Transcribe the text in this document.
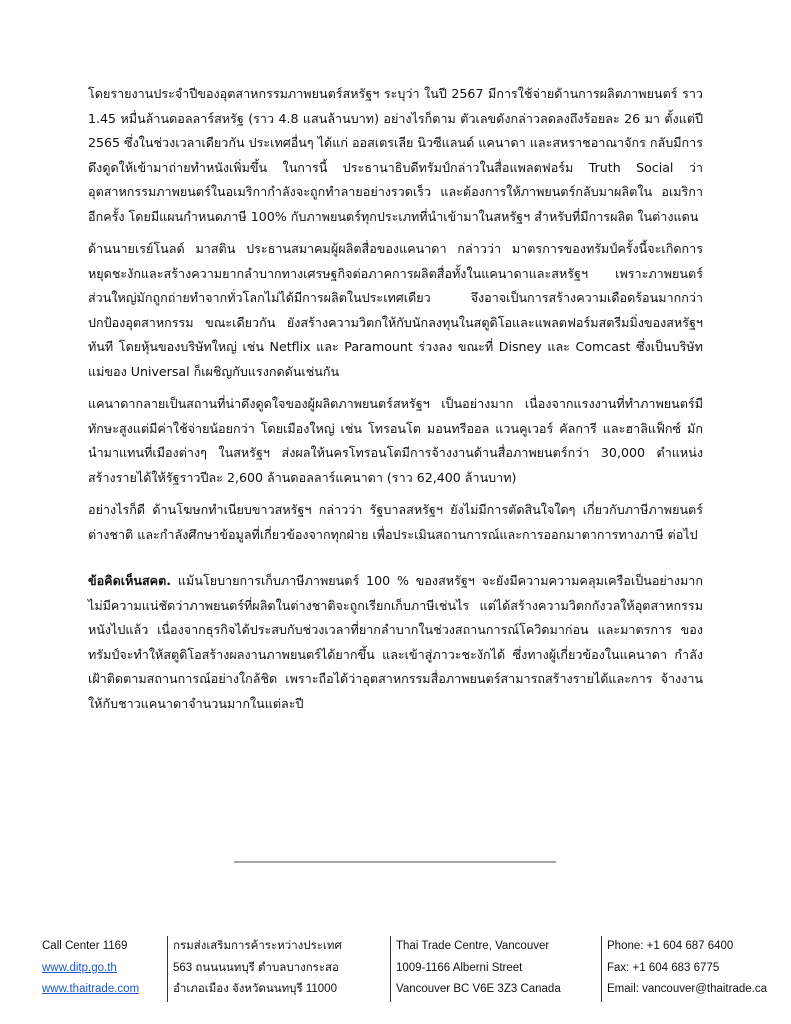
โดยรายงานประจำปีของอุตสาหกรรมภาพยนตร์สหรัฐฯ ระบุว่า ในปี 2567 มีการใช้จ่ายด้านการผลิตภาพยนตร์ ราว 1.45 หมื่นล้านดอลลาร์สหรัฐ (ราว 4.8 แสนล้านบาท) อย่างไรก็ตาม ตัวเลขดังกล่าวลดลงถึงร้อยละ 26 มา ตั้งแต่ปี 2565 ซึ่งในช่วงเวลาเดียวกัน ประเทศอื่นๆ ได้แก่ ออสเตรเลีย นิวซีแลนด์ แคนาดา และสหราชอาณาจักร กลับมีการดึงดูดให้เข้ามาถ่ายทำหนังเพิ่มขึ้น ในการนี้ ประธานาธิบดีทรัมป์กล่าวในสื่อแพลตฟอร์ม Truth Social ว่า อุตสาหกรรมภาพยนตร์ในอเมริกากำลังจะถูกทำลายอย่างรวดเร็ว และต้องการให้ภาพยนตร์กลับมาผลิตใน อเมริกาอีกครั้ง โดยมีแผนกำหนดภาษี 100% กับภาพยนตร์ทุกประเภทที่นำเข้ามาในสหรัฐฯ สำหรับที่มีการผลิต ในต่างแดน

ด้านนายเรย์โนลด์ มาสติน ประธานสมาคมผู้ผลิตสื่อของแคนาดา กล่าวว่า มาตรการของทรัมป์ครั้งนี้จะเกิดการ หยุดชะงักและสร้างความยากลำบากทางเศรษฐกิจต่อภาคการผลิตสื่อทั้งในแคนาดาและสหรัฐฯ เพราะภาพยนตร์ ส่วนใหญ่มักถูกถ่ายทำจากทั่วโลกไม่ได้มีการผลิตในประเทศเดียว จึงอาจเป็นการสร้างความเดือดร้อนมากกว่า ปกป้องอุตสาหกรรม ขณะเดียวกัน ยังสร้างความวิตกให้กับนักลงทุนในสตูดิโอและแพลตฟอร์มสตรีมมิ่งของสหรัฐฯ ทันที โดยหุ้นของบริษัทใหญ่ เช่น Netflix และ Paramount ร่วงลง ขณะที่ Disney และ Comcast ซึ่งเป็นบริษัท แม่ของ Universal ก็เผชิญกับแรงกดดันเช่นกัน

แคนาดากลายเป็นสถานที่น่าดึงดูดใจของผู้ผลิตภาพยนตร์สหรัฐฯ เป็นอย่างมาก เนื่องจากแรงงานที่ทำภาพยนตร์มี ทักษะสูงแต่มีค่าใช้จ่ายน้อยกว่า โดยเมืองใหญ่ เช่น โทรอนโต มอนทรีออล แวนคูเวอร์ คัลการี และฮาลิแฟ็กซ์ มัก นำมาแทนที่เมืองต่างๆ ในสหรัฐฯ ส่งผลให้นครโทรอนโตมีการจ้างงานด้านสื่อภาพยนตร์กว่า 30,000 ตำแหน่ง สร้างรายได้ให้รัฐราวปีละ 2,600 ล้านดอลลาร์แคนาดา (ราว 62,400 ล้านบาท)

อย่างไรก็ดี ด้านโฆษกทำเนียบขาวสหรัฐฯ กล่าวว่า รัฐบาลสหรัฐฯ ยังไม่มีการตัดสินใจใดๆ เกี่ยวกับภาษีภาพยนตร์ ต่างชาติ และกำลังศึกษาข้อมูลที่เกี่ยวข้องจากทุกฝ่าย เพื่อประเมินสถานการณ์และการออกมาตาการทางภาษี ต่อไป

ข้อคิดเห็นสคต. แม้นโยบายการเก็บภาษีภาพยนตร์ 100 % ของสหรัฐฯ จะยังมีความความคลุมเครือเป็นอย่างมาก ไม่มีความแน่ชัดว่าภาพยนตร์ที่ผลิตในต่างชาติจะถูกเรียกเก็บภาษีเช่นไร แต่ได้สร้างความวิตกกังวลให้อุตสาหกรรม หนังไปแล้ว เนื่องจากธุรกิจได้ประสบกับช่วงเวลาที่ยากลำบากในช่วงสถานการณ์โควิดมาก่อน และมาตรการ ของทรัมป์จะทำให้สตูดิโอสร้างผลงานภาพยนตร์ได้ยากขึ้น และเข้าสู่ภาวะชะงักได้ ซึ่งทางผู้เกี่ยวข้องในแคนาดา กำลังเฝ้าติดตามสถานการณ์อย่างใกล้ชิด เพราะถือได้ว่าอุตสาหกรรมสื่อภาพยนตร์สามารถสร้างรายได้และการ จ้างงานให้กับชาวแคนาดาจำนวนมากในแต่ละปี

Call Center 1169
www.ditp.go.th
www.thaitrade.com
กรมส่งเสริมการค้าระหว่างประเทศ
563 ถนนนนทบุรี ตำบลบางกระสอ
อำเภอเมือง จังหวัดนนทบุรี 11000
Thai Trade Centre, Vancouver
1009-1166 Alberni Street
Vancouver BC V6E 3Z3 Canada
Phone: +1 604 687 6400
Fax: +1 604 683 6775
Email: vancouver@thaitrade.ca
